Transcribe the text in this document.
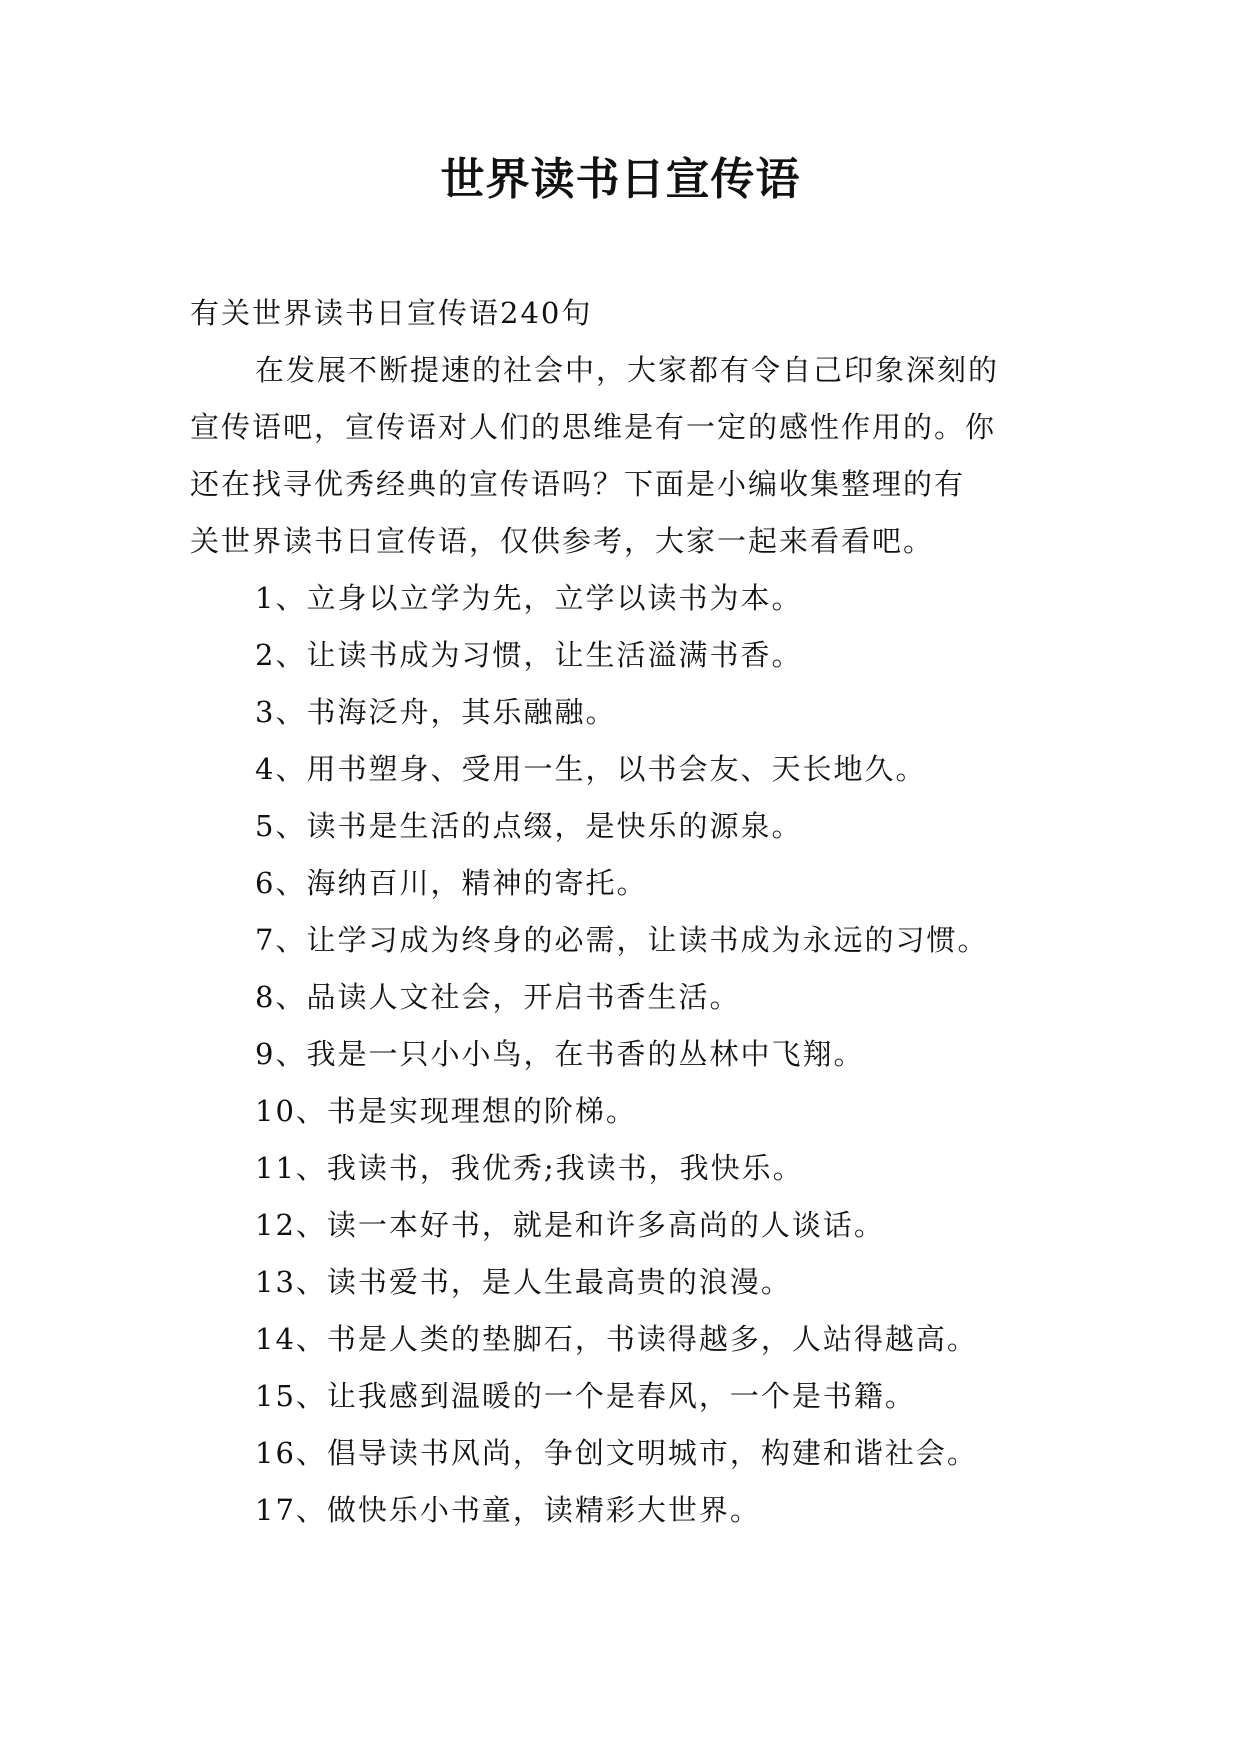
世界读书日宣传语

有关世界读书日宣传语240句

在发展不断提速的社会中，大家都有令自己印象深刻的

宣传语吧，宣传语对人们的思维是有一定的感性作用的。你

还在找寻优秀经典的宣传语吗？下面是小编收集整理的有

关世界读书日宣传语，仅供参考，大家一起来看看吧。

1、立身以立学为先，立学以读书为本。

2、让读书成为习惯，让生活溢满书香。

3、书海泛舟，其乐融融。

4、用书塑身、受用一生，以书会友、天长地久。

5、读书是生活的点缀，是快乐的源泉。

6、海纳百川，精神的寄托。

7、让学习成为终身的必需，让读书成为永远的习惯。

8、品读人文社会，开启书香生活。

9、我是一只小小鸟，在书香的丛林中飞翔。

10、书是实现理想的阶梯。

11、我读书，我优秀;我读书，我快乐。

12、读一本好书，就是和许多高尚的人谈话。

13、读书爱书，是人生最高贵的浪漫。

14、书是人类的垫脚石，书读得越多，人站得越高。

15、让我感到温暖的一个是春风，一个是书籍。

16、倡导读书风尚，争创文明城市，构建和谐社会。

17、做快乐小书童，读精彩大世界。
